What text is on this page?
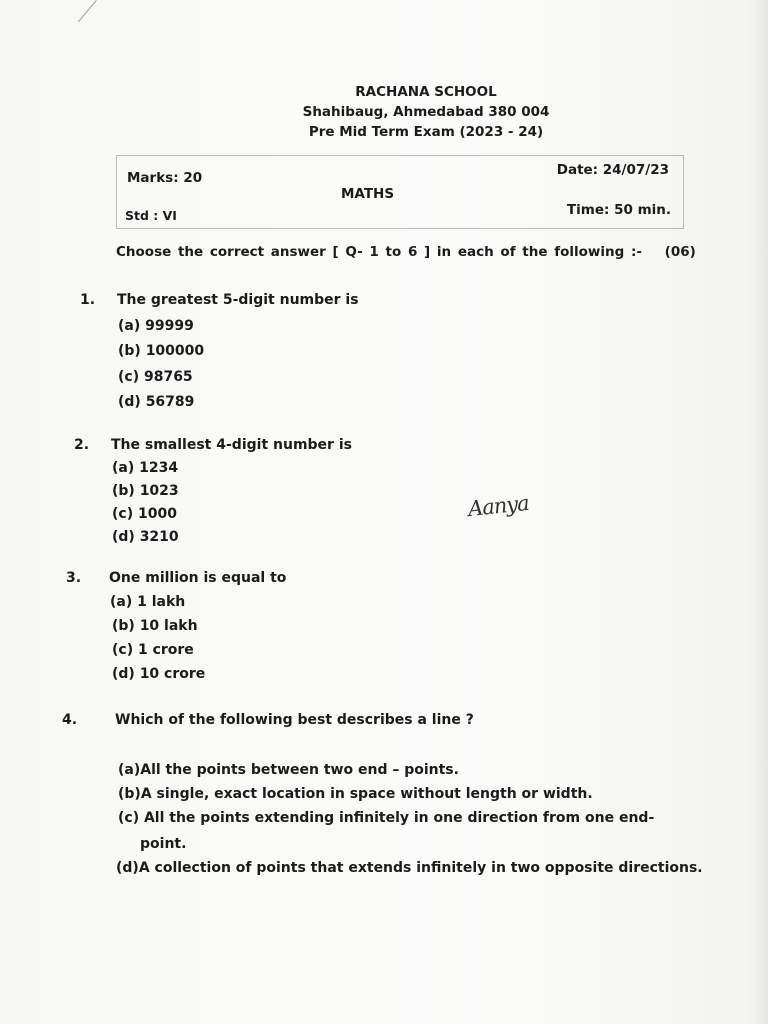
RACHANA SCHOOL
Shahibaug, Ahmedabad 380 004
Pre Mid Term Exam (2023 - 24)
Marks: 20	Date: 24/07/23
MATHS
Std : VI	Time: 50 min.
Choose the correct answer [ Q- 1 to 6 ] in each of the following :- (06)
1. The greatest 5-digit number is
(a) 99999
(b) 100000
(c) 98765
(d) 56789
2. The smallest 4-digit number is
(a) 1234
(b) 1023
(c) 1000
(d) 3210
Aanya
3. One million is equal to
(a) 1 lakh
(b) 10 lakh
(c) 1 crore
(d) 10 crore
4.	Which of the following best describes a line ?
(a)All the points between two end – points.
(b)A single, exact location in space without length or width.
(c) All the points extending infinitely in one direction from one end-
point.
(d)A collection of points that extends infinitely in two opposite directions.
